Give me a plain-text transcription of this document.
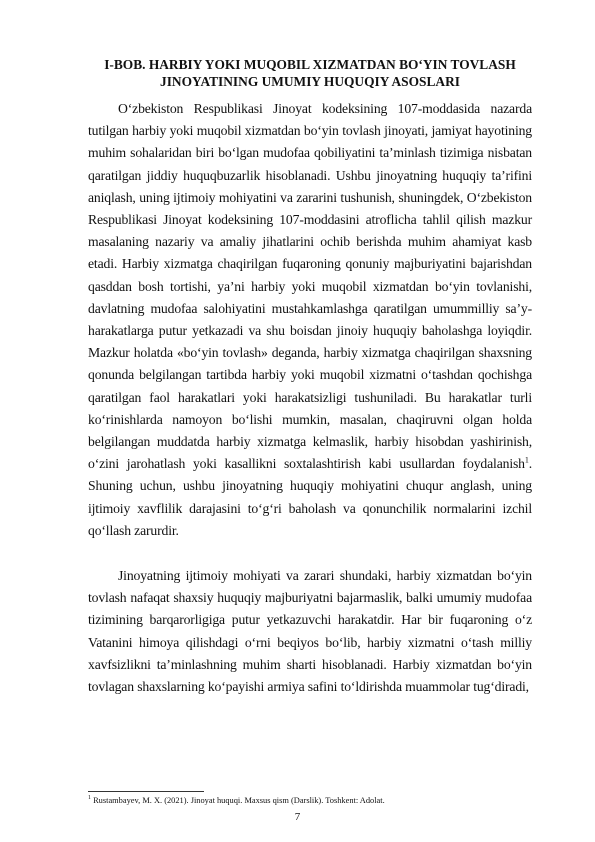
I-BOB. HARBIY YOKI MUQOBIL XIZMATDAN BO‘YIN TOVLASH

JINOYATINING UMUMIY HUQUQIY ASOSLARI

O‘zbekiston Respublikasi Jinoyat kodeksining 107-moddasida nazarda tutilgan harbiy yoki muqobil xizmatdan bo‘yin tovlash jinoyati, jamiyat hayotining muhim sohalaridan biri bo‘lgan mudofaa qobiliyatini ta’minlash tizimiga nisbatan qaratilgan jiddiy huquqbuzarlik hisoblanadi. Ushbu jinoyatning huquqiy ta’rifini aniqlash, uning ijtimoiy mohiyatini va zararini tushunish, shuningdek, O‘zbekiston Respublikasi Jinoyat kodeksining 107-moddasini atroflicha tahlil qilish mazkur masalaning nazariy va amaliy jihatlarini ochib berishda muhim ahamiyat kasb etadi. Harbiy xizmatga chaqirilgan fuqaroning qonuniy majburiyatini bajarishdan qasddan bosh tortishi, ya’ni harbiy yoki muqobil xizmatdan bo‘yin tovlanishi, davlatning mudofaa salohiyatini mustahkamlashga qaratilgan umummilliy sa’y-harakatlarga putur yetkazadi va shu boisdan jinoiy huquqiy baholashga loyiqdir. Mazkur holatda «bo‘yin tovlash» deganda, harbiy xizmatga chaqirilgan shaxsning qonunda belgilangan tartibda harbiy yoki muqobil xizmatni o‘tashdan qochishga qaratilgan faol harakatlari yoki harakatsizligi tushuniladi. Bu harakatlar turli ko‘rinishlarda namoyon bo‘lishi mumkin, masalan, chaqiruvni olgan holda belgilangan muddatda harbiy xizmatga kelmaslik, harbiy hisobdan yashirinish, o‘zini jarohatlash yoki kasallikni soxtalashtirish kabi usullardan foydalanish$^1$. Shuning uchun, ushbu jinoyatning huquqiy mohiyatini chuqur anglash, uning ijtimoiy xavflilik darajasini to‘g‘ri baholash va qonunchilik normalarini izchil qo‘llash zarurdir.

Jinoyatning ijtimoiy mohiyati va zarari shundaki, harbiy xizmatdan bo‘yin tovlash nafaqat shaxsiy huquqiy majburiyatni bajarmaslik, balki umumiy mudofaa tizimining barqarorligiga putur yetkazuvchi harakatdir. Har bir fuqaroning o‘z Vatanini himoya qilishdagi o‘rni beqiyos bo‘lib, harbiy xizmatni o‘tash milliy xavfsizlikni ta’minlashning muhim sharti hisoblanadi. Harbiy xizmatdan bo‘yin tovlagan shaxslarning ko‘payishi armiya safini to‘ldirishda muammolar tug‘diradi,

$^1$ Rustambayev, M. X. (2021). Jinoyat huquqi. Maxsus qism (Darslik). Toshkent: Adolat.

7
